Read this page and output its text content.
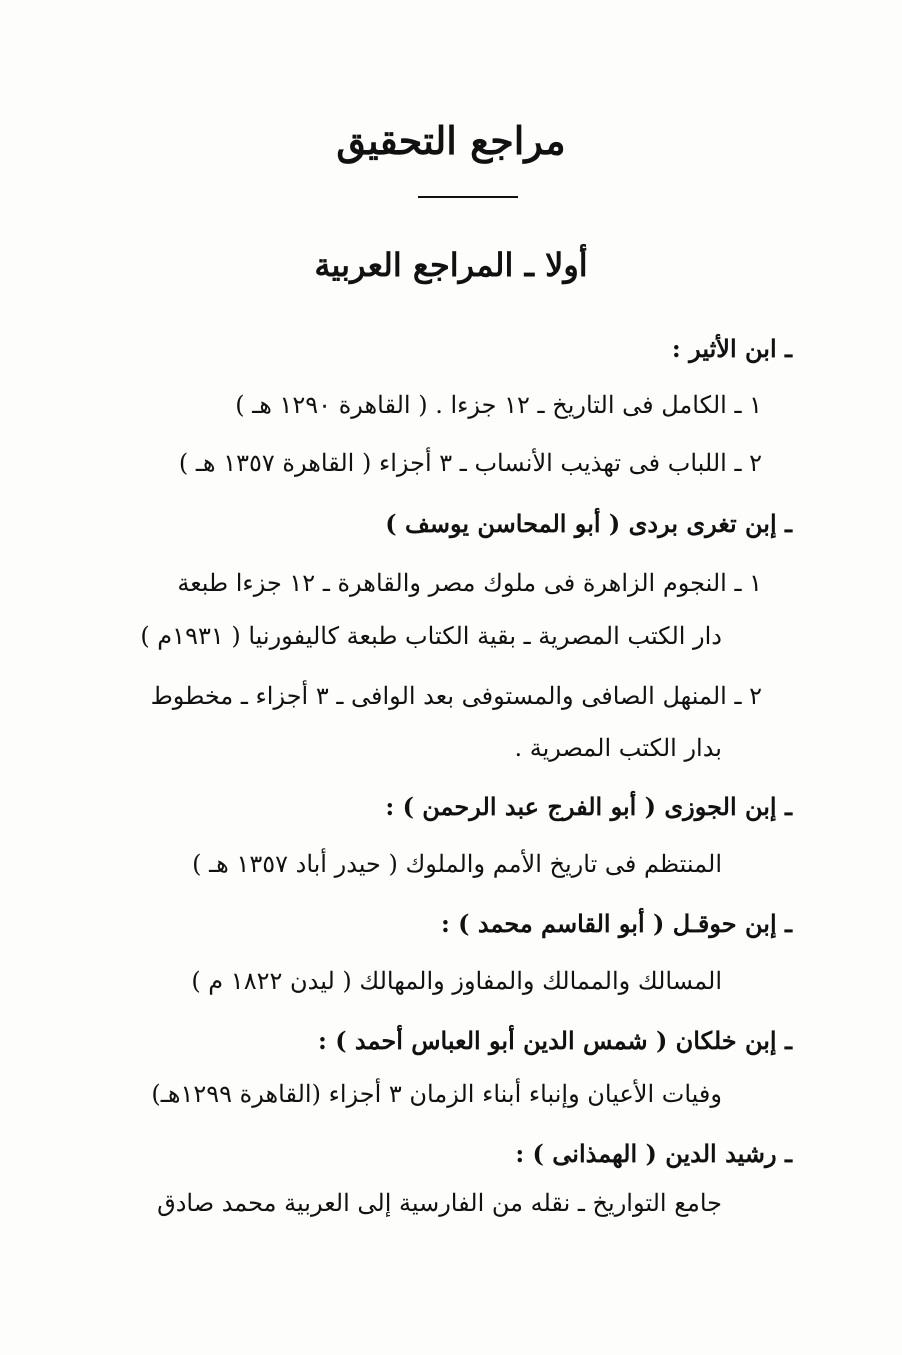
مراجع التحقيق
أولا ـ المراجع العربية
ـ ابن الأثير :
١ ـ الكامل فى التاريخ ـ ١٢ جزءا . ( القاهرة ١٢٩٠ هـ )
٢ ـ اللباب فى تهذيب الأنساب ـ ٣ أجزاء ( القاهرة ١٣٥٧ هـ )
ـ إبن تغرى بردى ( أبو المحاسن يوسف )
١ ـ النجوم الزاهرة فى ملوك مصر والقاهرة ـ ١٢ جزءا طبعة
دار الكتب المصرية ـ بقية الكتاب طبعة كاليفورنيا ( ١٩٣١م )
٢ ـ المنهل الصافى والمستوفى بعد الوافى ـ ٣ أجزاء ـ مخطوط
بدار الكتب المصرية .
ـ إبن الجوزى ( أبو الفرج عبد الرحمن ) :
المنتظم فى تاريخ الأمم والملوك ( حيدر أباد ١٣٥٧ هـ )
ـ إبن حوقـل ( أبو القاسم محمد ) :
المسالك والممالك والمفاوز والمهالك ( ليدن ١٨٢٢ م )
ـ إبن خلكان ( شمس الدين أبو العباس أحمد ) :
وفيات الأعيان وإنباء أبناء الزمان ٣ أجزاء (القاهرة ١٢٩٩هـ)
ـ رشيد الدين ( الهمذانى ) :
جامع التواريخ ـ نقله من الفارسية إلى العربية محمد صادق
